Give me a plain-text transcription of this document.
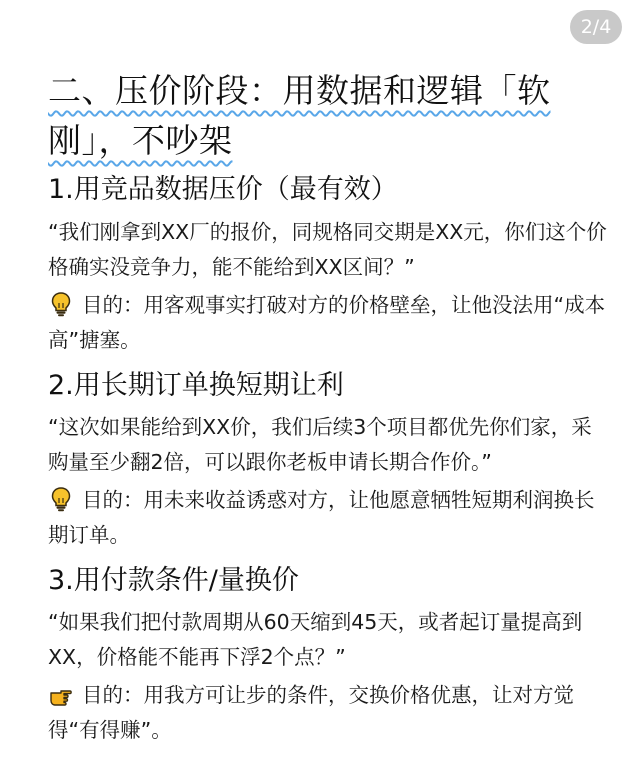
2/4
二、压价阶段：用数据和逻辑「软刚」，不吵架
1.用竞品数据压价（最有效）
“我们刚拿到XX厂的报价，同规格同交期是XX元，你们这个价格确实没竞争力，能不能给到XX区间？”
目的：用客观事实打破对方的价格壁垒，让他没法用“成本高”搪塞。
2.用长期订单换短期让利
“这次如果能给到XX价，我们后续3个项目都优先你们家，采购量至少翻2倍，可以跟你老板申请长期合作价。”
目的：用未来收益诱惑对方，让他愿意牺牲短期利润换长期订单。
3.用付款条件/量换价
“如果我们把付款周期从60天缩到45天，或者起订量提高到XX，价格能不能再下浮2个点？”
目的：用我方可让步的条件，交换价格优惠，让对方觉得“有得赚”。
